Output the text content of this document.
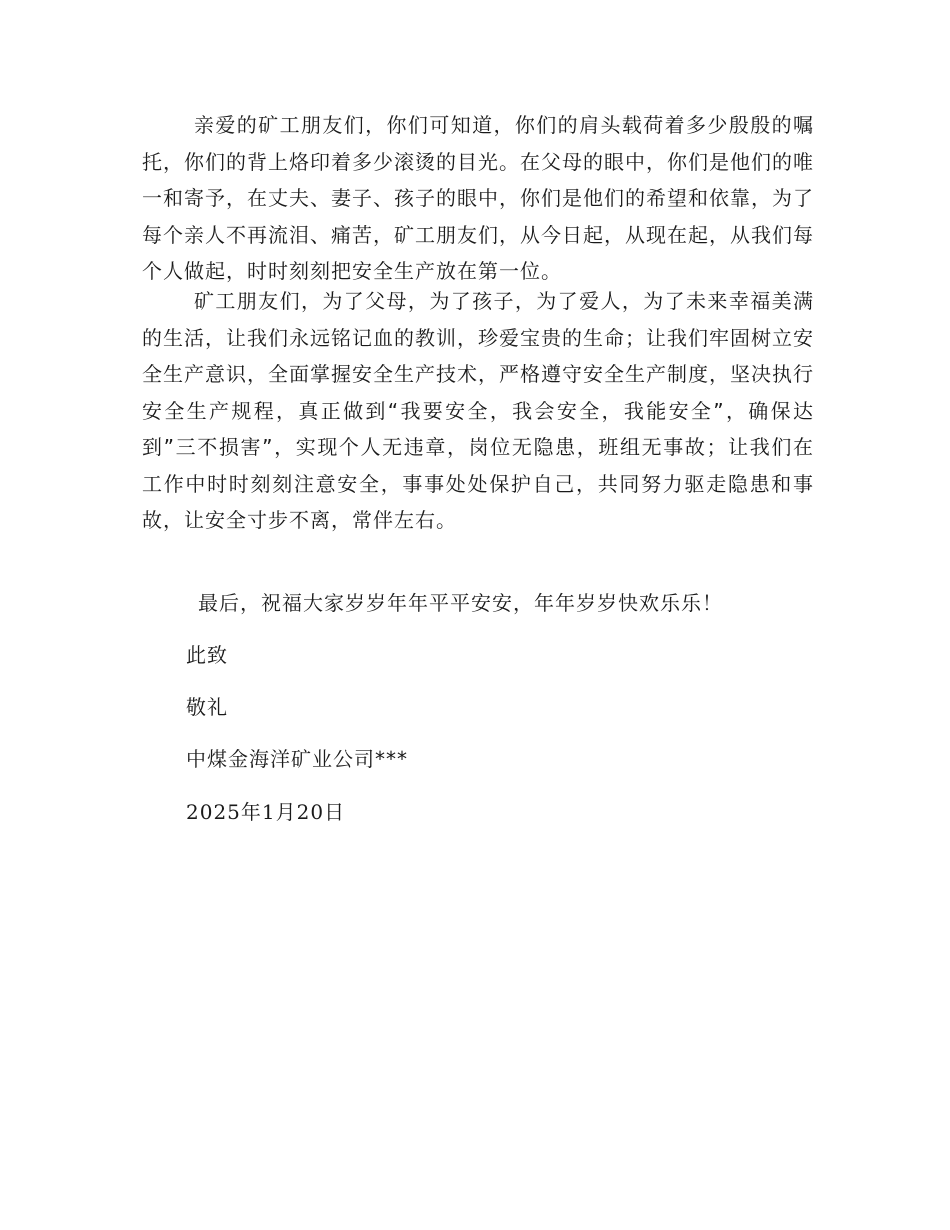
亲爱的矿工朋友们，你们可知道，你们的肩头载荷着多少殷殷的嘱托，你们的背上烙印着多少滚烫的目光。在父母的眼中，你们是他们的唯一和寄予，在丈夫、妻子、孩子的眼中，你们是他们的希望和依靠，为了每个亲人不再流泪、痛苦，矿工朋友们，从今日起，从现在起，从我们每个人做起，时时刻刻把安全生产放在第一位。

矿工朋友们，为了父母，为了孩子，为了爱人，为了未来幸福美满的生活，让我们永远铭记血的教训，珍爱宝贵的生命；让我们牢固树立安全生产意识，全面掌握安全生产技术，严格遵守安全生产制度，坚决执行安全生产规程，真正做到“我要安全，我会安全，我能安全”，确保达到”三不损害”，实现个人无违章，岗位无隐患，班组无事故；让我们在工作中时时刻刻注意安全，事事处处保护自己，共同努力驱走隐患和事故，让安全寸步不离，常伴左右。

最后，祝福大家岁岁年年平平安安，年年岁岁快欢乐乐！

此致

敬礼

中煤金海洋矿业公司***

2025年1月20日
